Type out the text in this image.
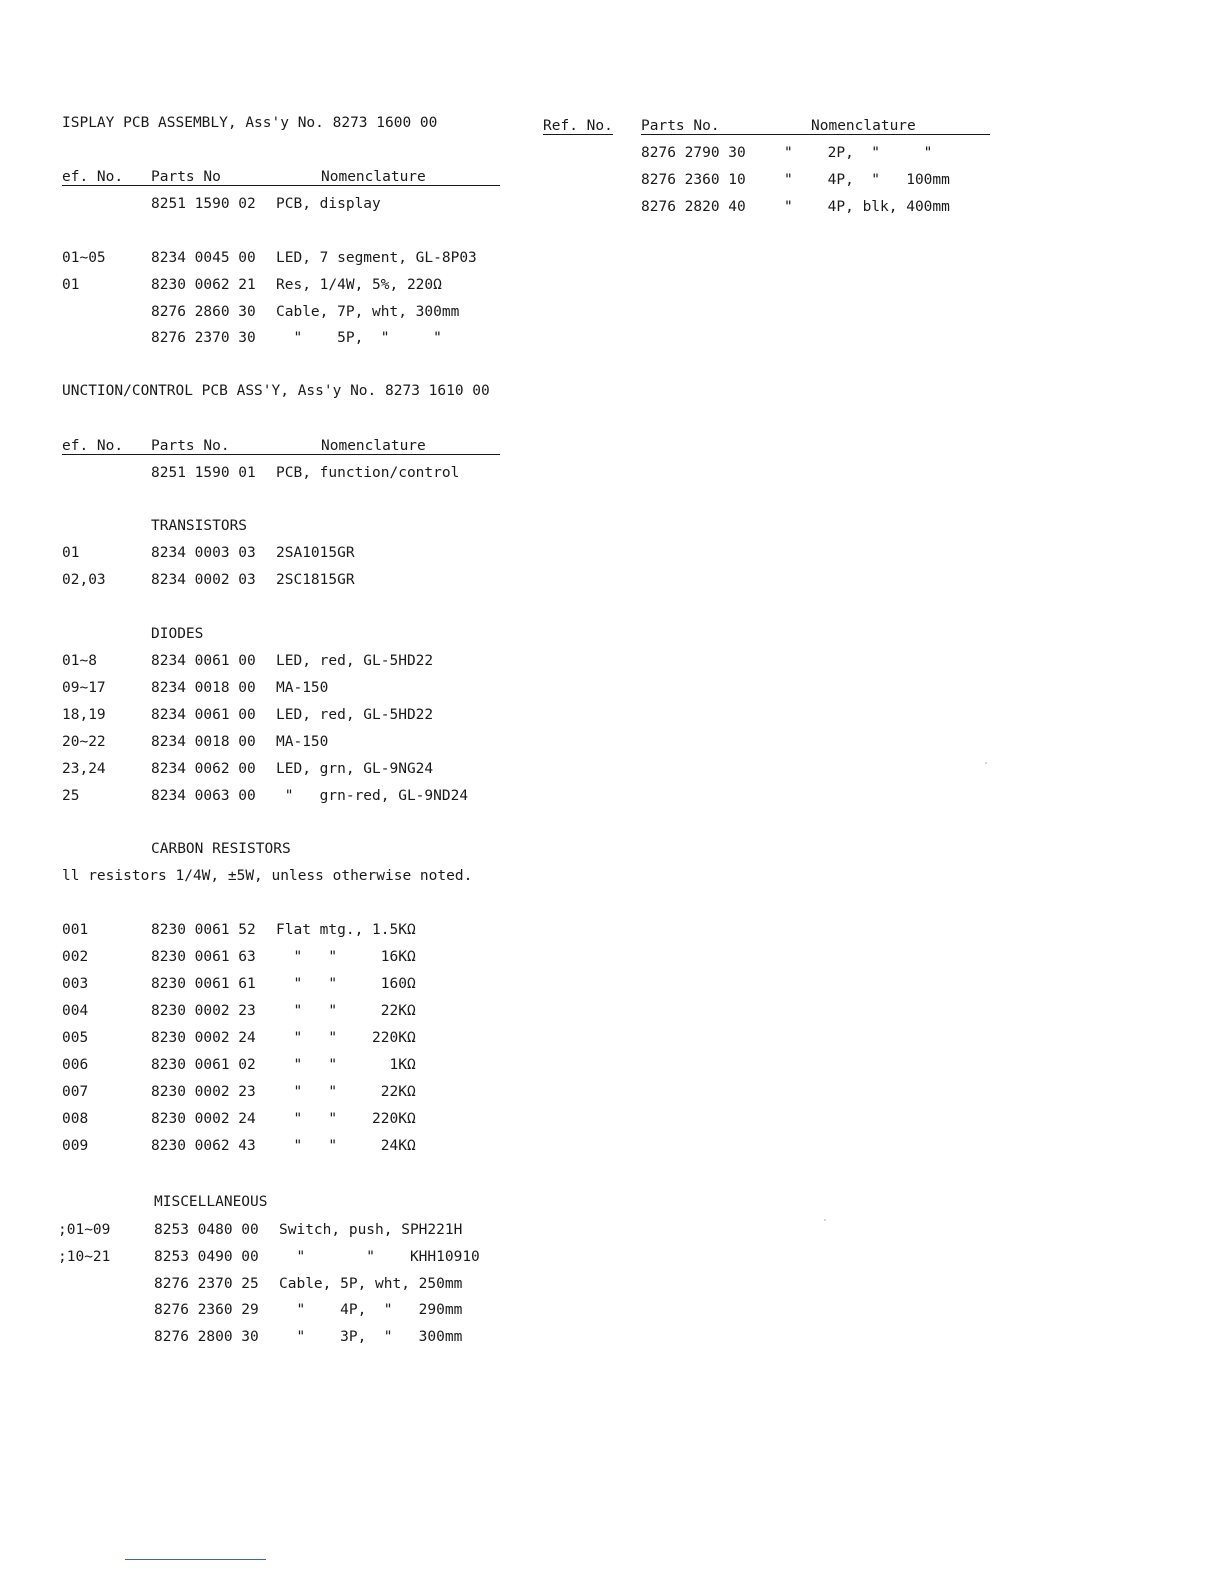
ISPLAY PCB ASSEMBLY, Ass'y No. 8273 1600 00
ef. No. Parts No	Nomenclature
8251 1590 02 PCB, display
01~05	8234 0045 00 LED, 7 segment, GL-8P03
01	8230 0062 21 Res, 1/4W, 5%, 220Ω
8276 2860 30 Cable, 7P, wht, 300mm
8276 2370 30 "    5P,  "     "
UNCTION/CONTROL PCB ASS'Y, Ass'y No. 8273 1610 00
ef. No. Parts No.	Nomenclature
8251 1590 01 PCB, function/control
TRANSISTORS
01	8234 0003 03 2SA1015GR
02,03	8234 0002 03 2SC1815GR
DIODES
01~8	8234 0061 00 LED, red, GL-5HD22
09~17	8234 0018 00 MA-150
18,19	8234 0061 00 LED, red, GL-5HD22
20~22	8234 0018 00 MA-150
23,24	8234 0062 00 LED, grn, GL-9NG24
25	8234 0063 00 "   grn-red, GL-9ND24
CARBON RESISTORS
ll resistors 1/4W, ±5W, unless otherwise noted.
001	8230 0061 52 Flat mtg., 1.5KΩ
002	8230 0061 63 "   "     16KΩ
003	8230 0061 61 "   "     160Ω
004	8230 0002 23 "   "     22KΩ
005	8230 0002 24 "   "    220KΩ
006	8230 0061 02 "   "      1KΩ
007	8230 0002 23 "   "     22KΩ
008	8230 0002 24 "   "    220KΩ
009	8230 0062 43 "   "     24KΩ
MISCELLANEOUS
;01~09	8253 0480 00 Switch, push, SPH221H
;10~21	8253 0490 00 "       "    KHH10910
8276 2370 25 Cable, 5P, wht, 250mm
8276 2360 29 "    4P,  "   290mm
8276 2800 30 "    3P,  "   300mm
Ref. No. Parts No.	Nomenclature
8276 2790 30	"    2P,  "     "
8276 2360 10	"    4P,  "   100mm
8276 2820 40	"    4P, blk, 400mm
